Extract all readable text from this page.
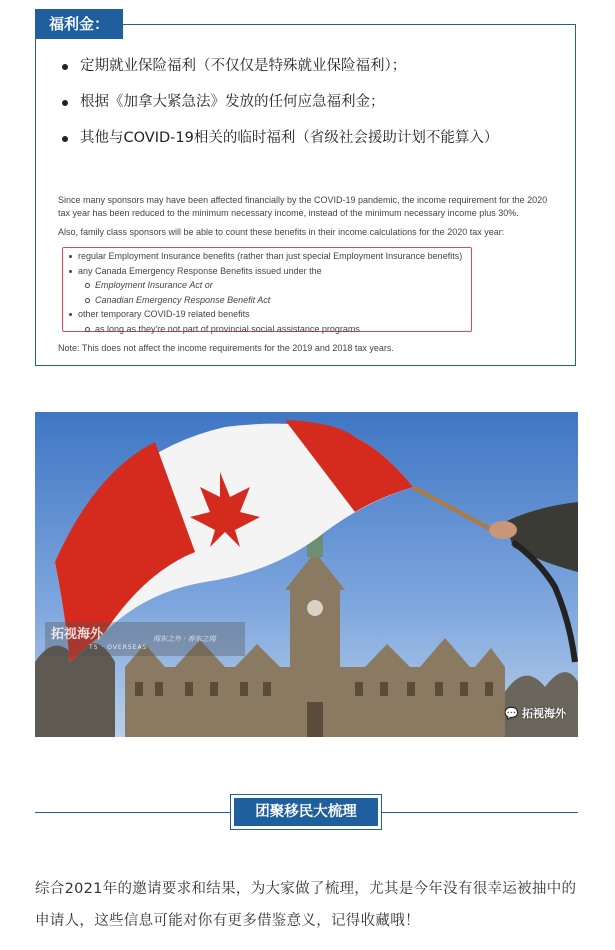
福利金：
定期就业保险福利（不仅仅是特殊就业保险福利）；
根据《加拿大紧急法》发放的任何应急福利金；
其他与COVID-19相关的临时福利（省级社会援助计划不能算入）

Since many sponsors may have been affected financially by the COVID-19 pandemic, the income requirement for the 2020 tax year has been reduced to the minimum necessary income, instead of the minimum necessary income plus 30%.

Also, family class sponsors will be able to count these benefits in their income calculations for the 2020 tax year:

regular Employment Insurance benefits (rather than just special Employment Insurance benefits)
any Canada Emergency Response Benefits issued under the
Employment Insurance Act or
Canadian Emergency Response Benefit Act
other temporary COVID-19 related benefits
as long as they're not part of provincial social assistance programs

Note: This does not affect the income requirements for the 2019 and 2018 tax years.

拓视海外
TS · OVERSEAS
闻东之外 · 春东之闻
💬 拓视海外
团聚移民大梳理

综合2021年的邀请要求和结果，为大家做了梳理，尤其是今年没有很幸运被抽中的申请人，这些信息可能对你有更多借鉴意义，记得收藏哦！
